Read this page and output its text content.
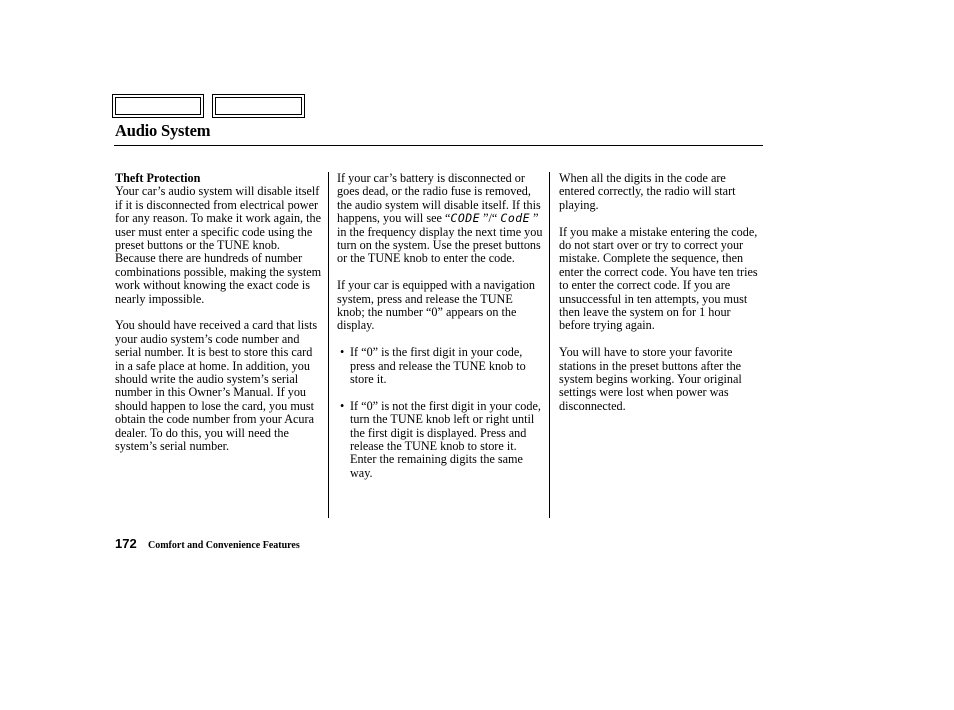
Audio System
Theft Protection

Your car’s audio system will disable itself if it is disconnected from electrical power for any reason. To make it work again, the user must enter a specific code using the preset buttons or the TUNE knob. Because there are hundreds of number combinations possible, making the system work without knowing the exact code is nearly impossible.

You should have received a card that lists your audio system’s code number and serial number. It is best to store this card in a safe place at home. In addition, you should write the audio system’s serial number in this Owner’s Manual. If you should happen to lose the card, you must obtain the code number from your Acura dealer. To do this, you will need the system’s serial number.

If your car’s battery is disconnected or goes dead, or the radio fuse is removed, the audio system will disable itself. If this happens, you will see “CODE ”/“ CodE ” in the frequency display the next time you turn on the system. Use the preset buttons or the TUNE knob to enter the code.

If your car is equipped with a navigation system, press and release the TUNE knob; the number “0” appears on the display.

• If “0” is the first digit in your code, press and release the TUNE knob to store it.
• If “0” is not the first digit in your code, turn the TUNE knob left or right until the first digit is displayed. Press and release the TUNE knob to store it. Enter the remaining digits the same way.

When all the digits in the code are entered correctly, the radio will start playing.

If you make a mistake entering the code, do not start over or try to correct your mistake. Complete the sequence, then enter the correct code. You have ten tries to enter the correct code. If you are unsuccessful in ten attempts, you must then leave the system on for 1 hour before trying again.

You will have to store your favorite stations in the preset buttons after the system begins working. Your original settings were lost when power was disconnected.

172 Comfort and Convenience Features
